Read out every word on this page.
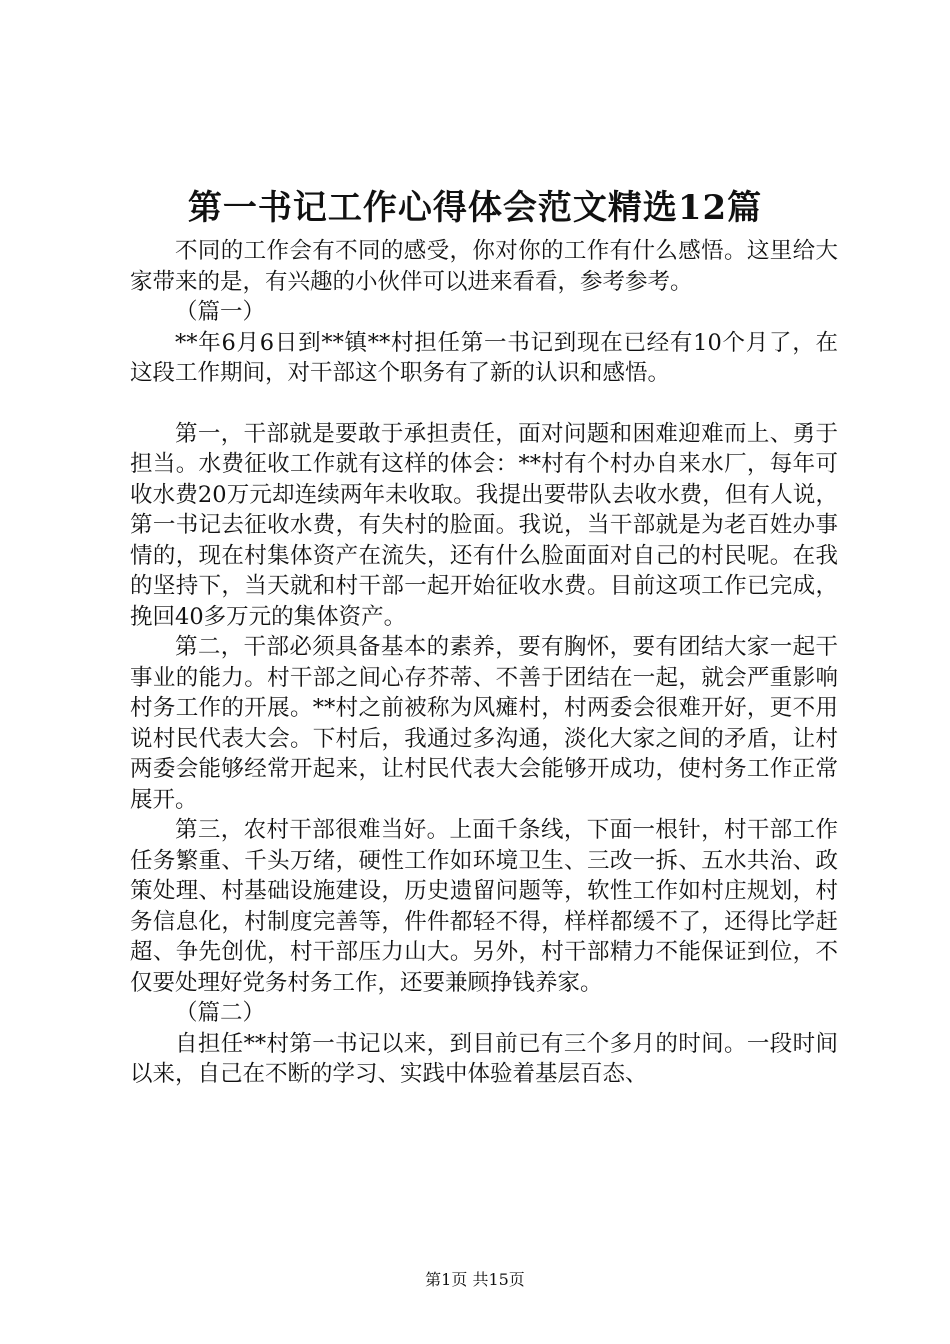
第一书记工作心得体会范文精选12篇

不同的工作会有不同的感受，你对你的工作有什么感悟。这里给大家带来的是，有兴趣的小伙伴可以进来看看，参考参考。

（篇一）

**年6月6日到**镇**村担任第一书记到现在已经有10个月了，在这段工作期间，对干部这个职务有了新的认识和感悟。

第一，干部就是要敢于承担责任，面对问题和困难迎难而上、勇于担当。水费征收工作就有这样的体会：**村有个村办自来水厂，每年可收水费20万元却连续两年未收取。我提出要带队去收水费，但有人说，第一书记去征收水费，有失村的脸面。我说，当干部就是为老百姓办事情的，现在村集体资产在流失，还有什么脸面面对自己的村民呢。在我的坚持下，当天就和村干部一起开始征收水费。目前这项工作已完成，挽回40多万元的集体资产。

第二，干部必须具备基本的素养，要有胸怀，要有团结大家一起干事业的能力。村干部之间心存芥蒂、不善于团结在一起，就会严重影响村务工作的开展。**村之前被称为风瘫村，村两委会很难开好，更不用说村民代表大会。下村后，我通过多沟通，淡化大家之间的矛盾，让村两委会能够经常开起来，让村民代表大会能够开成功，使村务工作正常展开。

第三，农村干部很难当好。上面千条线，下面一根针，村干部工作任务繁重、千头万绪，硬性工作如环境卫生、三改一拆、五水共治、政策处理、村基础设施建设，历史遗留问题等，软性工作如村庄规划，村务信息化，村制度完善等，件件都轻不得，样样都缓不了，还得比学赶超、争先创优，村干部压力山大。另外，村干部精力不能保证到位，不仅要处理好党务村务工作，还要兼顾挣钱养家。

（篇二）

自担任**村第一书记以来，到目前已有三个多月的时间。一段时间以来，自己在不断的学习、实践中体验着基层百态、

第1页 共15页
